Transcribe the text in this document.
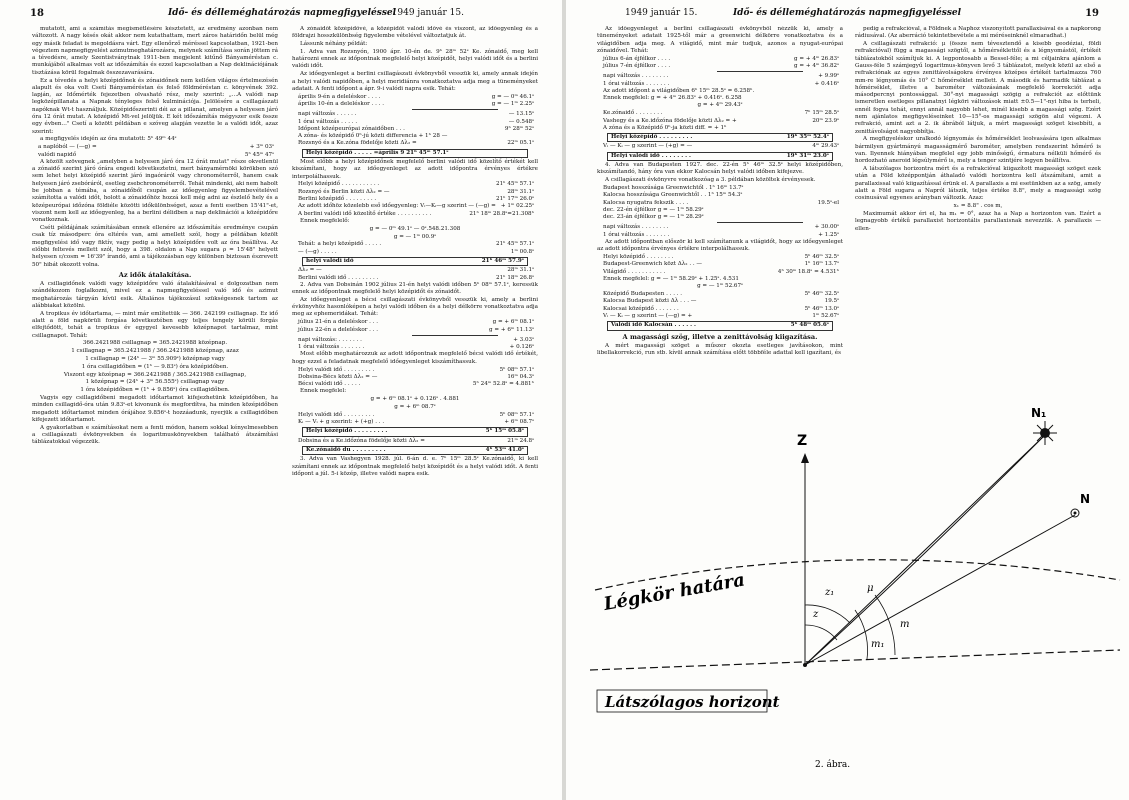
18	Idő- és délleméghatározás napmegfigyeléssel
1949 január 15.

mutatott, ami a számítás megismétlésére késztetett, az eredmény azonban nem változott. A nagy késés okát akkor nem kutathattam, mert záros határidőn belül még egy másik feladat is megoldásra várt. Egy ellenőrző méréssel kapcsolatban, 1921-ben végeztem napmegfigyelést azimutmeghatározásra, melynek számítása során jöttem rá a tévedésre, amely Szentistványtnak 1911-ben megjelent kitűnő Bányaméréstan c. munkájából alkalmas volt az időszámítás és ezzel kapcsolatban a Nap deklinációjának tisztázása körül fogalmak összezavarására.

Ez a tévedés a helyi középidőnek és zónaidőnek nem kellően világos értelmezésén alapult és oka volt Csetí Bányaméréstan és felső földméréstan c. könyvének 392. lapján, az Időmérték fejezetben olvasható rész, mely szerint: „...A valódi nap legközépillanata a Napnak tényleges felső kulminációja. Jelölésére a csillagászati napóknak Wt-t használjuk. Középidőszerinti déi az a pillanat, amelyen a helyesen járó óra 12 órát mutat. A középidő Mt-vel jelöljük. E két időszámítás mégyszer esik össze egy évben..." Csetí a között példában e szóveg alapján vezette le a valódi időt, azaz szerint:

a megfigyelés idején az óra mutatott: 5ʰ 49ᵐ 44ˢ

a naplóból — (—g) =	+ 3ᵐ 03ˢ
valódi napidő	5ʰ 45ᵐ 47ˢ

A közölt szövegnek „amelyben a helyesen járó óra 12 órát mutat" része okvetlenül a zónaidő szerint járó órára engedi következtetni, mert bányamérnöki körökben szó sem lehet helyi középidő szerint járó ingaóráról vagy chronométerről, hanem csak helyesen járó zsebóráról, esetleg zsebchronométerről. Tehát mindenki, aki nem habolt be jobban a témába, a zónaidőből csupán az időegyenleg figyelembevételével számította a valódi időt, holott a zónaidőhöz hozzá kell még adni az észlelő hely és a középeurópai időzóna földiéle közötti időkülönbséget, azaz a fenti esetben 15'41"-et, viszont nem kell az időegyenleg, ha a berlini délidben a nap deklinációi a középidőre vonatkoznak.

Cséti példájának számításában ennek ellenére az időszámítás eredménye csupán csak tíz másodperc óra eltérés van, ami amellett szól, hogy a példában közölt megfigyelési idő vagy fiktív, vagy pedig a helyi középidőre volt az óra beállítva. Az előbbi feltevés mellett szól, hogy a 398. oldalon a Nap sugara ρ = 15'48" helyett helyesen ε/cosm = 16'39" írandó, ami a tájékozásban egy különben biztosan észrevett 50" hibát okozott volna.

Az idők átalakítása.

A csillagidőnek valódi vagy középidőre való átalakításával e dolgozatban nem szándékozom foglalkozni, mivel ez a napmegfigyeléssel való idő és azimut meghatározás tárgyán kívül esik. Általános tájékozásul szükségesnek tartom az alábbiakat közölni.

A tropikus év időtartama, — mint már említettük — 366. 242199 csillagnap. Ez idő alatt a föld napkörüli forgása következtében egy teljes tengely körüli forgás elfejtődött, tehát a tropikus év egygyel kevesebb középnapot tartalmaz, mint csillagnapot. Tehát:

366.2421988 csillagnap = 365.2421988 középnap.

1 csillagnap = 365.2421988 / 366.2421988 középnap, azaz

1 csillagnap = (24ʰ — 3ᵐ 55.909ˢ) középnap vagy

1 óra csillagidőben = (1ʰ — 9.83ˢ) óra középidőben.

Viszont egy középnap = 366.2421988 / 365.2421988 csillagnap,

1 középnap = (24ʰ + 3ᵐ 56.555ˢ) csillagnap vagy

1 óra középidőben = (1ʰ + 9.856ˢ) óra csillagidőben.

Vagyis egy csillagidőbeni megadott időtartamot kifejezhetünk középidőben, ha minden csillagidő-óra után 9.83ˢ-et kivonunk és megfordítva, ha minden középidőben megadott időtartamot minden órájához 9.856ˢ-t hozzáadunk, nyerjük a csillagidőben kifejezett időtartamot.

A gyakorlatban e számításokat nem a fenti módon, hanem sokkal kényelmesebben a csillagászati évkönyvekben és logaritmuskönyvekben található átszámítási táblázatokkal végezzük.

A zónaidőt középidővé, a középidőt valódi idővé és viszont, az időegyenleg és a földrajzi hosszkülönbség figyelembe vételével változtatjuk át.

Lássunk néhány példát:

1. Adva van Rozsnyón, 1900 ápr. 10-én de. 9ʰ 28ᵐ 52ˢ Ke. zónaidő, meg kell határozni ennek az időpontnak megfelelő helyi középidőt, helyi valódi időt és a berlini valódi időt.

Az időegyenleget a berlini csillagászati évkönyvből vesszük ki, amely annak idején a helyi valódi napidőben, a helyi meridiánra vonatkoztatva adja meg a tüneményeket adatait. A fenti időpont a ápr. 9-i valódi napra esik. Tehát:

április 9-én a deleléskor . . . .	g = — 0ᵐ 46.1ˢ
április 10-én a deleléskor . . . .	g = — 1ᵐ 2.25ˢ
napi változás . . . . . .	— 13.15ˢ
1 órai változás . . . . .	— 0.548ˢ
Időpont középeurópai zónaidőben . . .	9ʰ 28ᵐ 52ˢ
A zóna- és középidő 0ʰ-jú közti differencia + 1ʰ 28 —
Rozsnyó és a Ke.zóna födelője közti Δλ₂ =	22ᵐ 05.1ˢ
Helyi középidő . . . . . =április 9 21ʰ 45ᵐ 57.1ˢ

Most előbb a helyi középidőnek megfelelő berlini valódi idő közelítő értékét kell kiszámítani, hogy az időegyenleget az adott időpontra érvényes értékre interpolálhassuk.

Helyi középidő . . . . . . . . . . .	21ʰ 45ᵐ 57.1ˢ
Rozsnyó és Berlin közti Δλ₂ = —	28ᵐ 31.1ˢ
Berlini középidő . . . . . . . . .	21ʰ 17ᵐ 26.0ˢ
Az adott időhöz közelebb eső időegyenleg: Vᵢ—Kᵢ—g szerint — (—g) = + 1ᵐ 02.25ˢ
A berlini valódi idő közelítő értéke . . . . . . . . . .	21ʰ 18ᵐ 28.8ˢ=21.308ʰ

Ennek megfelelő:

g = — 0ᵐ 49.1ˢ — 0ˢ.548.21.308

g = — 1ᵐ 00.9ˢ

Tehát: a helyi középidő . . . . .	21ʰ 45ᵐ 57.1ˢ
— (—g) . . . . .	1ᵐ 00.8ˢ
helyi valódi idő	21ʰ 46ᵐ 57.9ˢ
Δλ₂ = —	28ᵐ 31.1ˢ
Berlini valódi idő . . . . . . . . .	21ʰ 18ᵐ 26.8ˢ

2. Adva van Dobsinán 1902 július 21-én helyi valódi időben 5ʰ 08ᵐ 57.1ˢ, keressük ennek az időpontnak megfelelő helyi középidőt és zónaidőt.

Az időegyenleget a bécsi csillagászati évkönyvből vesszük ki, amely a berlini évkönyvhöz hasonlóképen a helyi valódi időben és a helyi délkörre vonatkoztatva adja meg az ephemeridákat. Tehát:

július 21-én a deleléskor . . .	g = + 6ᵐ 08.1ˢ
július 22-én a deleléskor . . .	g = + 6ᵐ 11.13ˢ
napi változás: . . . . . . .	+ 3.03ˢ
1 órai változás . . . . . . .	+ 0.126ˢ

Most előbb meghatározzuk az adott időpontnak megfelelő bécsi valódi idő értékét, hogy ezzel a feladatnak megfelelő időegyenleget kiszámíthassuk.

Helyi valódi idő . . . . . . . . .	5ʰ 08ᵐ 57.1ˢ
Dobsina-Bécs közti Δλ₂ = —	16ᵐ 04.3ˢ
Bécsi valódi idő . . . . .	5ʰ 24ᵐ 52.8ˢ = 4.881ʰ

Ennek megfelel:

g = + 6ᵐ 08.1ˢ + 0.126ˢ . 4.881

g = + 6ᵐ 08.7ˢ

Helyi valódi idő . . . . . . . . .	5ʰ 08ᵐ 57.1ˢ
Kᵢ — Vᵢ + g szerint: + (+g) . . .	+ 6ᵐ 08.7ˢ
Helyi középidő . . . . . . . . .	5ʰ 15ᵐ 05.8ˢ
Dobsina és a Ke.időzóna födelője közti Δλ₂ =	21ᵐ 24.8ˢ
Ke.zónaidő du . . . . . . . . .	4ʰ 53ᵐ 41.0ˢ

3. Adva van Vashegyen 1928. júl. 6-án d. e. 7ʰ 15ᵐ 28.5ˢ Ke.zónaidő, ki kell számítani ennek az időpontnak megfelelő helyi középidőt és a helyi valódi időt. A fenti időpont a júl. 5-i közép, illetve valódi napra esik.

1949 január 15.	Idő- és délleméghatározás napmegfigyeléssel	19

Az időegyenleget a berlini csillagászati évkönyvből nézzük ki, amely a tüneményeket adatait 1925-től már a greenwichi délkörre vonatkoztatva és a világidőben adja meg. A világidő, mint már tudjuk, azonos a nyugat-európai zónaidővel. Tehát:

július 6-án éjfélkor . . . .	g = + 4ᵐ 26.83ˢ
július 7-én éjfélkor . . . .	g = + 4ᵐ 36.82ˢ
napi változás . . . . . . . .	+ 9.99ˢ
1 órai változás . . . . . . .	+ 0.416ˢ
Az adott időpont a világidőben 6ʰ 15ᵐ 28.5ˢ = 6.258ʰ.
Ennek megfelel: g = + 4ᵐ 26.83ˢ + 0.416ˢ. 6.258

g = + 4ᵐ 29.43ˢ

Ke.zónaidő . . . . . . . .	7ʰ 15ᵐ 28.5ˢ
Vashegy és a Ke.időzóna födelője közti Δλ₂ = +	20ᵐ 23.9ˢ
A zóna és a Középidő 0ʰ-ja közti diff. = + 1ʰ
Helyi középidő . . . . . . . . .	19ʰ 35ᵐ 52.4ˢ
Vᵢ — Kᵢ — g szerint — (+g) = —	4ᵐ 29.43ˢ
Helyi valódi idő . . . . . . . .	19ʰ 31ᵐ 23.0ˢ

4. Adva van Budapesten 1927. dec. 22-én 5ʰ 46ᵐ 32.5ˢ helyi középidőben, kiszámítandó, hány óra van ekkor Kalocsán helyi valódi időben kifejezve.

A csillagászati évkönyvre vonatkozóag a 3. példában közöltek érvényesek.

Budapest hosszúsága Greenwichtől . 1ʰ 16ᵐ 13.7ˢ
Kalocsa hosszúsága Greenwichtől . . 1ʰ 15ᵐ 54.3ˢ
Kalocsa nyugatra fekszik . . . .	19.5ˢ-el
dec. 22-én éjfélkor g = — 1ᵐ 58.29ˢ
dec. 23-án éjfélkor g = — 1ᵐ 28.29ˢ
napi változás . . . . . . . .	+ 30.00ˢ
1 órai változás . . . . . . .	+ 1.25ˢ

Az adott időpontban először ki kell számítanunk a világidőt, hogy az időegyenleget az adott időpontra érvényes értékre interpolálhassuk.

Helyi középidő . . . . . . . .	5ʰ 46ᵐ 32.5ˢ
Budapest-Greenwich közt Δλ₂ . . —	1ʰ 16ᵐ 13.7ˢ
Világidő . . . . . . . . . . .	4ʰ 30ᵐ 18.8ˢ = 4.531ʰ
Ennek megfelel: g = — 1ᵐ 58.29ˢ + 1.25ˢ. 4.531

g = — 1ᵐ 52.67ˢ

Középidő Budapesten . . . . .	5ʰ 46ᵐ 32.5ˢ
Kalocsa Budapest közti Δλ . . . —	19.5ˢ
Kalocsai középidő . . . . . . .	5ʰ 46ᵐ 13.0ˢ
Vᵢ — Kᵢ — g szerint — (—g) = +	1ᵐ 52.67ˢ
Valódi idő Kalocsán . . . . . .	5ʰ 48ᵐ 05.6ˢ

A magassági szög, illetve a zenittávolság kiigazítása.

A mért magassági szöget a műszer okozta esetleges javításokon, mint libellakorrekció, run stb. kívül annak számítása előtt többféle adattal kell igazítani, és

pedig a refrakcióval, a Földnek a Naphoz viszonyított parallaxisával és a napkorong rádiusával. (Az aberráció tekintetbevétele a mi méréseinknél elmaradhat.)

A csillagászati refrakció: μ (össze nem tévesztendő a kisebb geodéziai, földi refrakcióval) függ a magassági szögtől, a hőmérséklettől és a légnyomástól, értékét táblázatokból számítjuk ki. A legpontosabb a Bessel-féle; a mi céljainkra ajánlom a Gauss-féle 5 számjegyű logaritmus-könyven levő 3 táblázatot, melyek közül az első a refrakciónak az egyes zenittávolságokra érvényes középes értékét tartalmazza 760 mm-re légnyomás és 10° C hőmérséklet mellett. A második és harmadik táblázat a hőmérséklet, illetve a barométer változásának megfelelő korrekciót adja másodpercnyi pontossággal. 30°-nyi magassági szögig a refrakciót az előttünk ismeretlen esetleges pillanatnyi légköri változások miatt ±0.5—1"-nyi hiba is terheli, ennél fogva tehát, ennyi annál nagyobb lehet, minél kisebb a magassági szög. Ezért nem ajánlatos megfigyeléseinket 10—15°-os magassági szögön alul végezni. A refrakció, amint azt a 2. ik ábrából látjuk, a mért magassági szöget kisebbíti, a zenittávolságot nagyobbítja.

A megfigyeléskor uralkodó légnyomás és hőmérséklet leolvasására igen alkalmas bármilyen gyártmányú magasságmérő barométer, amelyben rendszerint hőmérő is van. Ilyennek hiányában megfelel egy jobb minőségű, érmatura nélküli hőmérő és hordozható aneroid légsúlymérő is, mely a tenger szintjére legyen beállítva.

A látszólagos horizontra mért és a refrakcióval kiigazított magassági szöget ezek után a Föld középpontján áthaladó valódi horizontra kell átszámítani, amit a parallaxissal való kiigazítással érünk el. A parallaxis a mi esetünkben az a szög, amely alatt a Föld sugara a Napról látszik, teljes értéke 8.8", mely a magassági szög cosinusával egyenes arányban változik. Azaz:

x₁ = 8.8" . cos m,

Maximumát akkor éri el, ha m₁ = 0°, azaz ha a Nap a horizonton van. Ezért a legnagyobb értékű parallaxist horizontális parallaxisnak nevezzük. A parallaxis — ellen-

Z
N₁
N
z₁
z
μ
m
m₁
Légkör határa
Látszólagos horizont
2. ábra.
